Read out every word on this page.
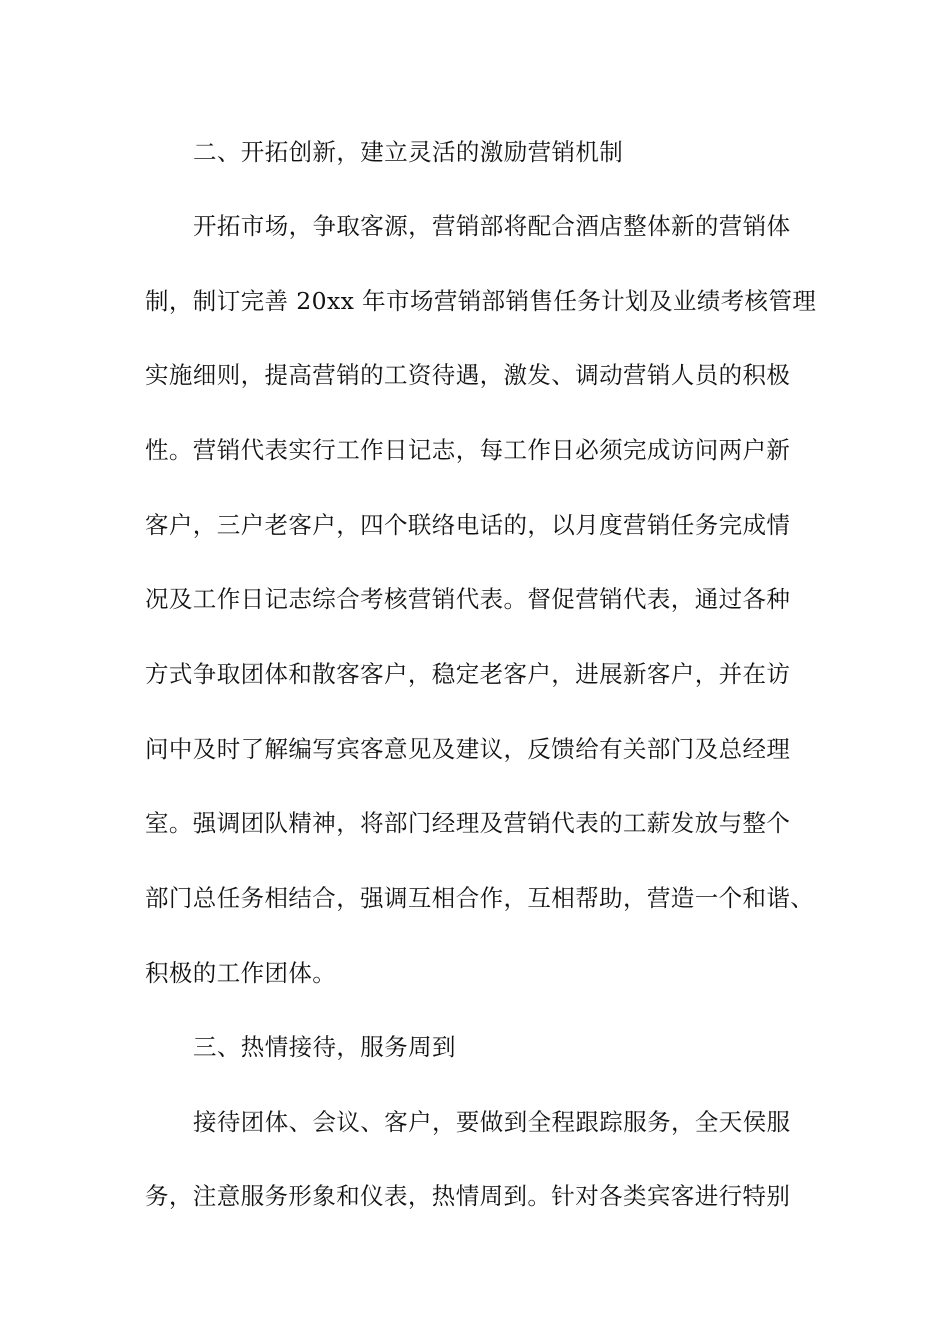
二、开拓创新，建立灵活的激励营销机制
开拓市场，争取客源，营销部将配合酒店整体新的营销体
制，制订完善 20xx 年市场营销部销售任务计划及业绩考核管理
实施细则，提高营销的工资待遇，激发、调动营销人员的积极
性。营销代表实行工作日记志，每工作日必须完成访问两户新
客户，三户老客户，四个联络电话的，以月度营销任务完成情
况及工作日记志综合考核营销代表。督促营销代表，通过各种
方式争取团体和散客客户，稳定老客户，进展新客户，并在访
问中及时了解编写宾客意见及建议，反馈给有关部门及总经理
室。强调团队精神，将部门经理及营销代表的工薪发放与整个
部门总任务相结合，强调互相合作，互相帮助，营造一个和谐、
积极的工作团体。
三、热情接待，服务周到
接待团体、会议、客户，要做到全程跟踪服务，全天侯服
务，注意服务形象和仪表，热情周到。针对各类宾客进行特别
